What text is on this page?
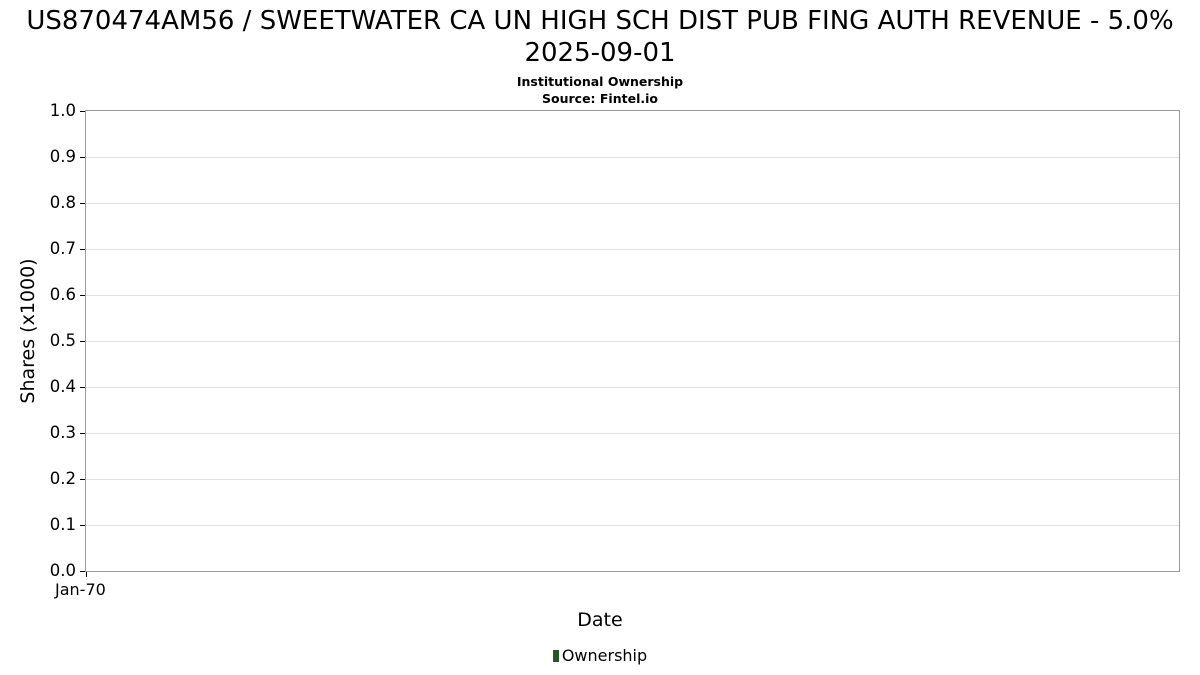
US870474AM56 / SWEETWATER CA UN HIGH SCH DIST PUB FING AUTH REVENUE - 5.0% 2025-09-01
Institutional Ownership
Source: Fintel.io
Shares (x1000)
0.0
0.1
0.2
0.3
0.4
0.5
0.6
0.7
0.8
0.9
1.0
Jan-70
Date
Ownership
